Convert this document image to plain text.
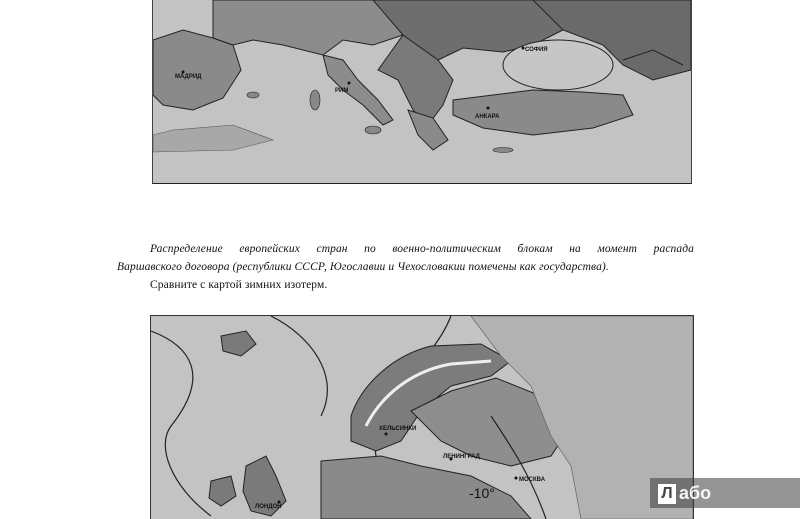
МАДРИД
РИМ
СОФИЯ
АНКАРА
Распределение европейских стран по военно-политическим блокам на момент распада
Варшавского договора (республики СССР, Югославии и Чехословакии помечены как государства).
Сравните с картой зимних изотерм.
ХЕЛЬСИНКИ
ЛЕНИНГРАД
МОСКВА
ЛОНДОН
-10°	Л або
